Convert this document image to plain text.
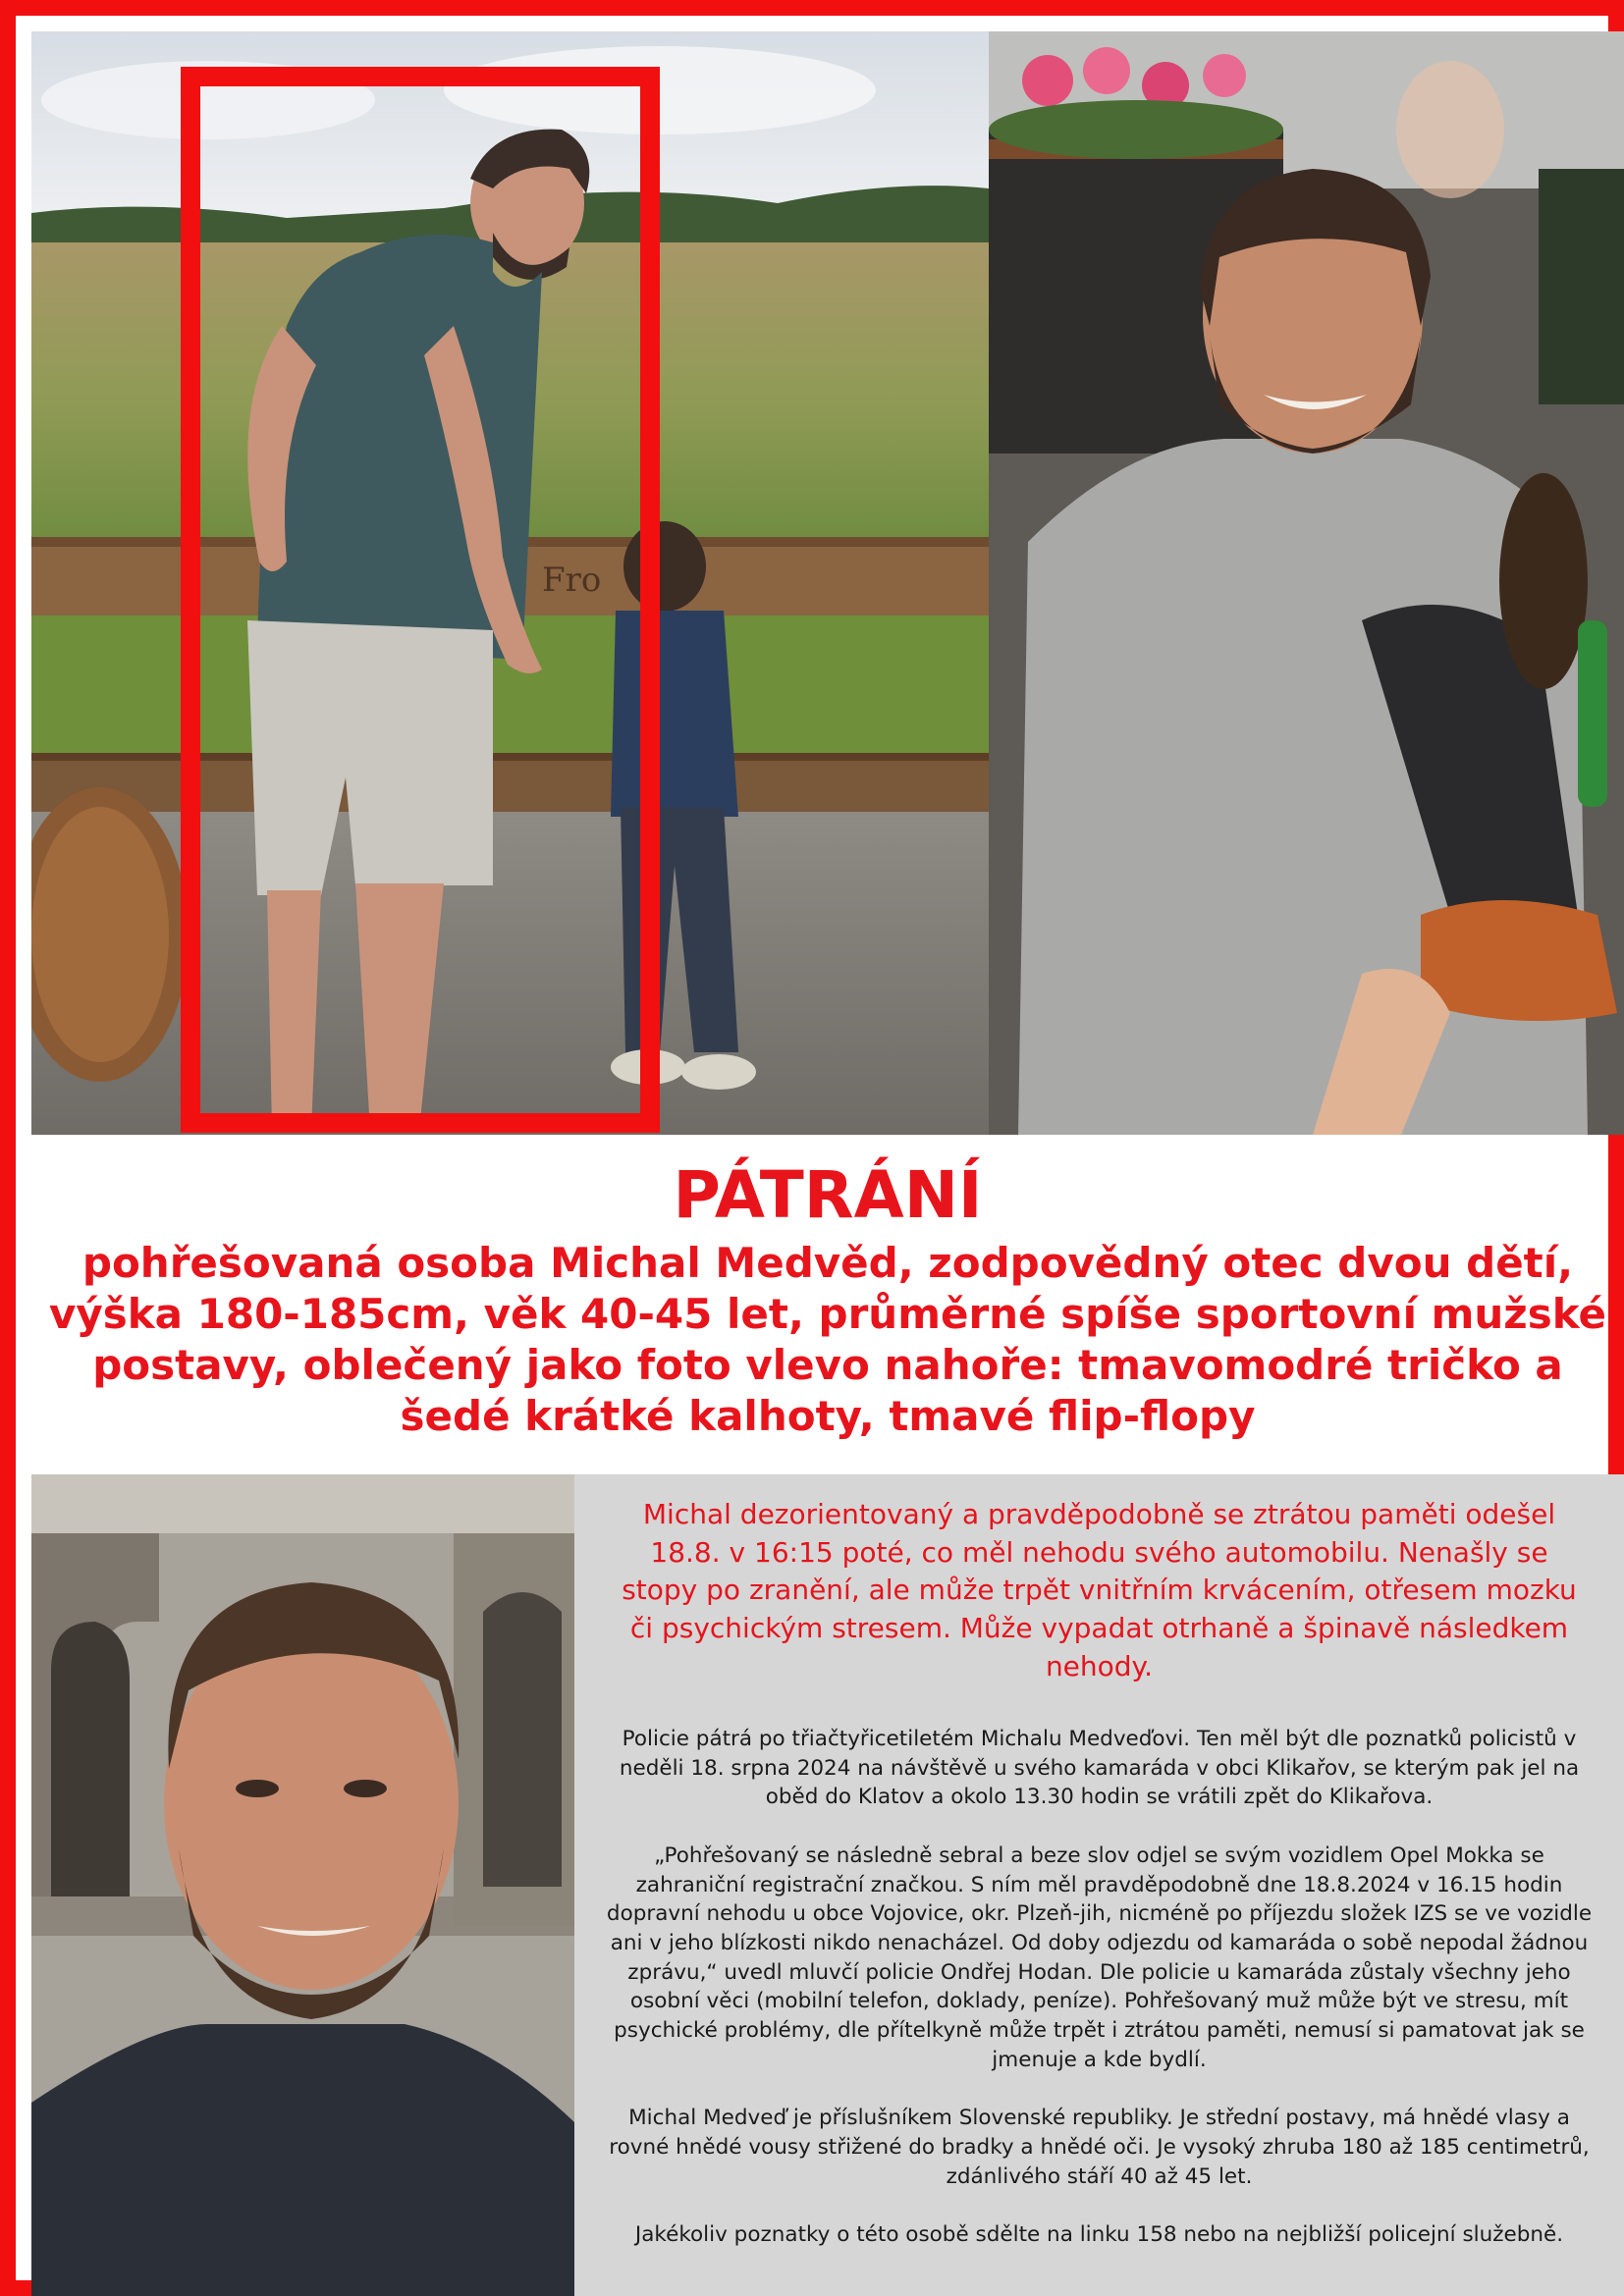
Fro
PÁTRÁNÍ

pohřešovaná osoba Michal Medvěd, zodpovědný otec dvou dětí, výška 180-185cm, věk 40-45 let, průměrné spíše sportovní mužské postavy, oblečený jako foto vlevo nahoře: tmavomodré tričko a šedé krátké kalhoty, tmavé flip-flopy

Michal dezorientovaný a pravděpodobně se ztrátou paměti odešel 18.8. v 16:15 poté, co měl nehodu svého automobilu. Nenašly se stopy po zranění, ale může trpět vnitřním krvácením, otřesem mozku či psychickým stresem. Může vypadat otrhaně a špinavě následkem nehody.

Policie pátrá po třiačtyřicetiletém Michalu Medveďovi. Ten měl být dle poznatků policistů v neděli 18. srpna 2024 na návštěvě u svého kamaráda v obci Klikařov, se kterým pak jel na oběd do Klatov a okolo 13.30 hodin se vrátili zpět do Klikařova.

„Pohřešovaný se následně sebral a beze slov odjel se svým vozidlem Opel Mokka se zahraniční registrační značkou. S ním měl pravděpodobně dne 18.8.2024 v 16.15 hodin dopravní nehodu u obce Vojovice, okr. Plzeň-jih, nicméně po příjezdu složek IZS se ve vozidle ani v jeho blízkosti nikdo nenacházel. Od doby odjezdu od kamaráda o sobě nepodal žádnou zprávu,“ uvedl mluvčí policie Ondřej Hodan. Dle policie u kamaráda zůstaly všechny jeho osobní věci (mobilní telefon, doklady, peníze). Pohřešovaný muž může být ve stresu, mít psychické problémy, dle přítelkyně může trpět i ztrátou paměti, nemusí si pamatovat jak se jmenuje a kde bydlí.

Michal Medveď je příslušníkem Slovenské republiky. Je střední postavy, má hnědé vlasy a rovné hnědé vousy střižené do bradky a hnědé oči. Je vysoký zhruba 180 až 185 centimetrů, zdánlivého stáří 40 až 45 let.

Jakékoliv poznatky o této osobě sdělte na linku 158 nebo na nejbližší policejní služebně.
